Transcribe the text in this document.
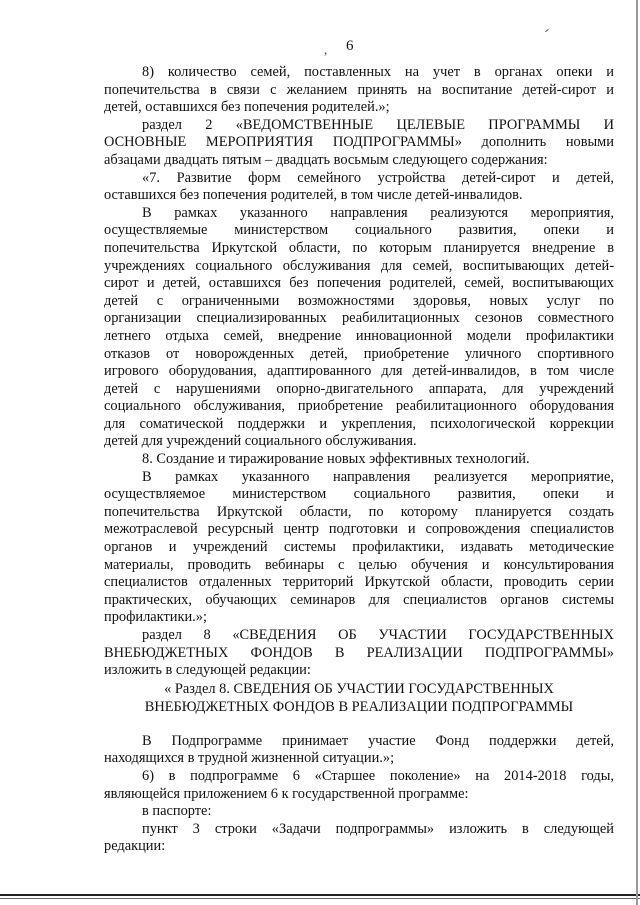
, 6

8) количество семей, поставленных на учет в органах опеки и

попечительства в связи с желанием принять на воспитание детей-сирот и

детей, оставшихся без попечения родителей.»;

раздел 2 «ВЕДОМСТВЕННЫЕ ЦЕЛЕВЫЕ ПРОГРАММЫ И

ОСНОВНЫЕ МЕРОПРИЯТИЯ ПОДПРОГРАММЫ» дополнить новыми

абзацами двадцать пятым – двадцать восьмым следующего содержания:

«7. Развитие форм семейного устройства детей-сирот и детей,

оставшихся без попечения родителей, в том числе детей-инвалидов.

В рамках указанного направления реализуются мероприятия,

осуществляемые министерством социального развития, опеки и

попечительства Иркутской области, по которым планируется внедрение в

учреждениях социального обслуживания для семей, воспитывающих детей-

сирот и детей, оставшихся без попечения родителей, семей, воспитывающих

детей с ограниченными возможностями здоровья, новых услуг по

организации специализированных реабилитационных сезонов совместного

летнего отдыха семей, внедрение инновационной модели профилактики

отказов от новорожденных детей, приобретение уличного спортивного

игрового оборудования, адаптированного для детей-инвалидов, в том числе

детей с нарушениями опорно-двигательного аппарата, для учреждений

социального обслуживания, приобретение реабилитационного оборудования

для соматической поддержки и укрепления, психологической коррекции

детей для учреждений социального обслуживания.

8. Создание и тиражирование новых эффективных технологий.

В рамках указанного направления реализуется мероприятие,

осуществляемое министерством социального развития, опеки и

попечительства Иркутской области, по которому планируется создать

межотраслевой ресурсный центр подготовки и сопровождения специалистов

органов и учреждений системы профилактики, издавать методические

материалы, проводить вебинары с целью обучения и консультирования

специалистов отдаленных территорий Иркутской области, проводить серии

практических, обучающих семинаров для специалистов органов системы

профилактики.»;

раздел 8 «СВЕДЕНИЯ ОБ УЧАСТИИ ГОСУДАРСТВЕННЫХ

ВНЕБЮДЖЕТНЫХ ФОНДОВ В РЕАЛИЗАЦИИ ПОДПРОГРАММЫ»

изложить в следующей редакции:

« Раздел 8. СВЕДЕНИЯ ОБ УЧАСТИИ ГОСУДАРСТВЕННЫХ

ВНЕБЮДЖЕТНЫХ ФОНДОВ В РЕАЛИЗАЦИИ ПОДПРОГРАММЫ

В Подпрограмме принимает участие Фонд поддержки детей,

находящихся в трудной жизненной ситуации.»;

6) в подпрограмме 6 «Старшее поколение» на 2014-2018 годы,

являющейся приложением 6 к государственной программе:

в паспорте:

пункт 3 строки «Задачи подпрограммы» изложить в следующей

редакции:
